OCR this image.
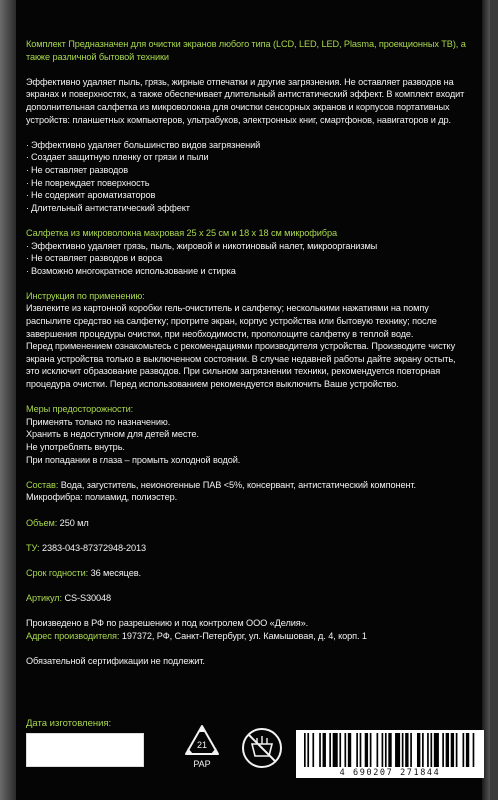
Комплект Предназначен для очистки экранов любого типа (LCD, LED, LED, Plasma, проекционных ТВ), а также различной бытовой техники

Эффективно удаляет пыль, грязь, жирные отпечатки и другие загрязнения. Не оставляет разводов на экранах и поверхностях, а также обеспечивает длительный антистатический эффект. В комплект входит дополнительная салфетка из микроволокна для очистки сенсорных экранов и корпусов портативных устройств: планшетных компьютеров, ультрабуков, электронных книг, смартфонов, навигаторов и др.

· Эффективно удаляет большинство видов загрязнений
· Создает защитную пленку от грязи и пыли
· Не оставляет разводов
· Не повреждает поверхность
· Не содержит ароматизаторов
· Длительный антистатический эффект

Салфетка из микроволокна махровая 25 х 25 см и 18 х 18 см микрофибра

· Эффективно удаляет грязь, пыль, жировой и никотиновый налет, микроорганизмы
· Не оставляет разводов и ворса
· Возможно многократное использование и стирка

Инструкция по применению:

Извлеките из картонной коробки гель-очиститель и салфетку; несколькими нажатиями на помпу распылите средство на салфетку; протрите экран, корпус устройства или бытовую технику; после завершения процедуры очистки, при необходимости, прополощите салфетку в теплой воде.

Перед применением ознакомьтесь с рекомендациями производителя устройства. Производите чистку экрана устройства только в выключенном состоянии. В случае недавней работы дайте экрану остыть, это исключит образование разводов. При сильном загрязнении техники, рекомендуется повторная процедура очистки. Перед использованием рекомендуется выключить Ваше устройство.

Меры предосторожности:

Применять только по назначению.

Хранить в недоступном для детей месте.

Не употреблять внутрь.

При попадании в глаза – промыть холодной водой.

Состав: Вода, загуститель, неионогенные ПАВ <5%, консервант, антистатический компонент.

Микрофибра: полиамид, полиэстер.

Объем: 250 мл

ТУ: 2383-043-87372948-2013

Срок годности: 36 месяцев.

Артикул: CS-S30048

Произведено в РФ по разрешению и под контролем ООО «Делия».

Адрес производителя: 197372, РФ, Санкт-Петербург, ул. Камышовая, д. 4, корп. 1

Обязательной сертификации не подлежит.

Дата изготовления:
21
PAP
4 690207 271844
